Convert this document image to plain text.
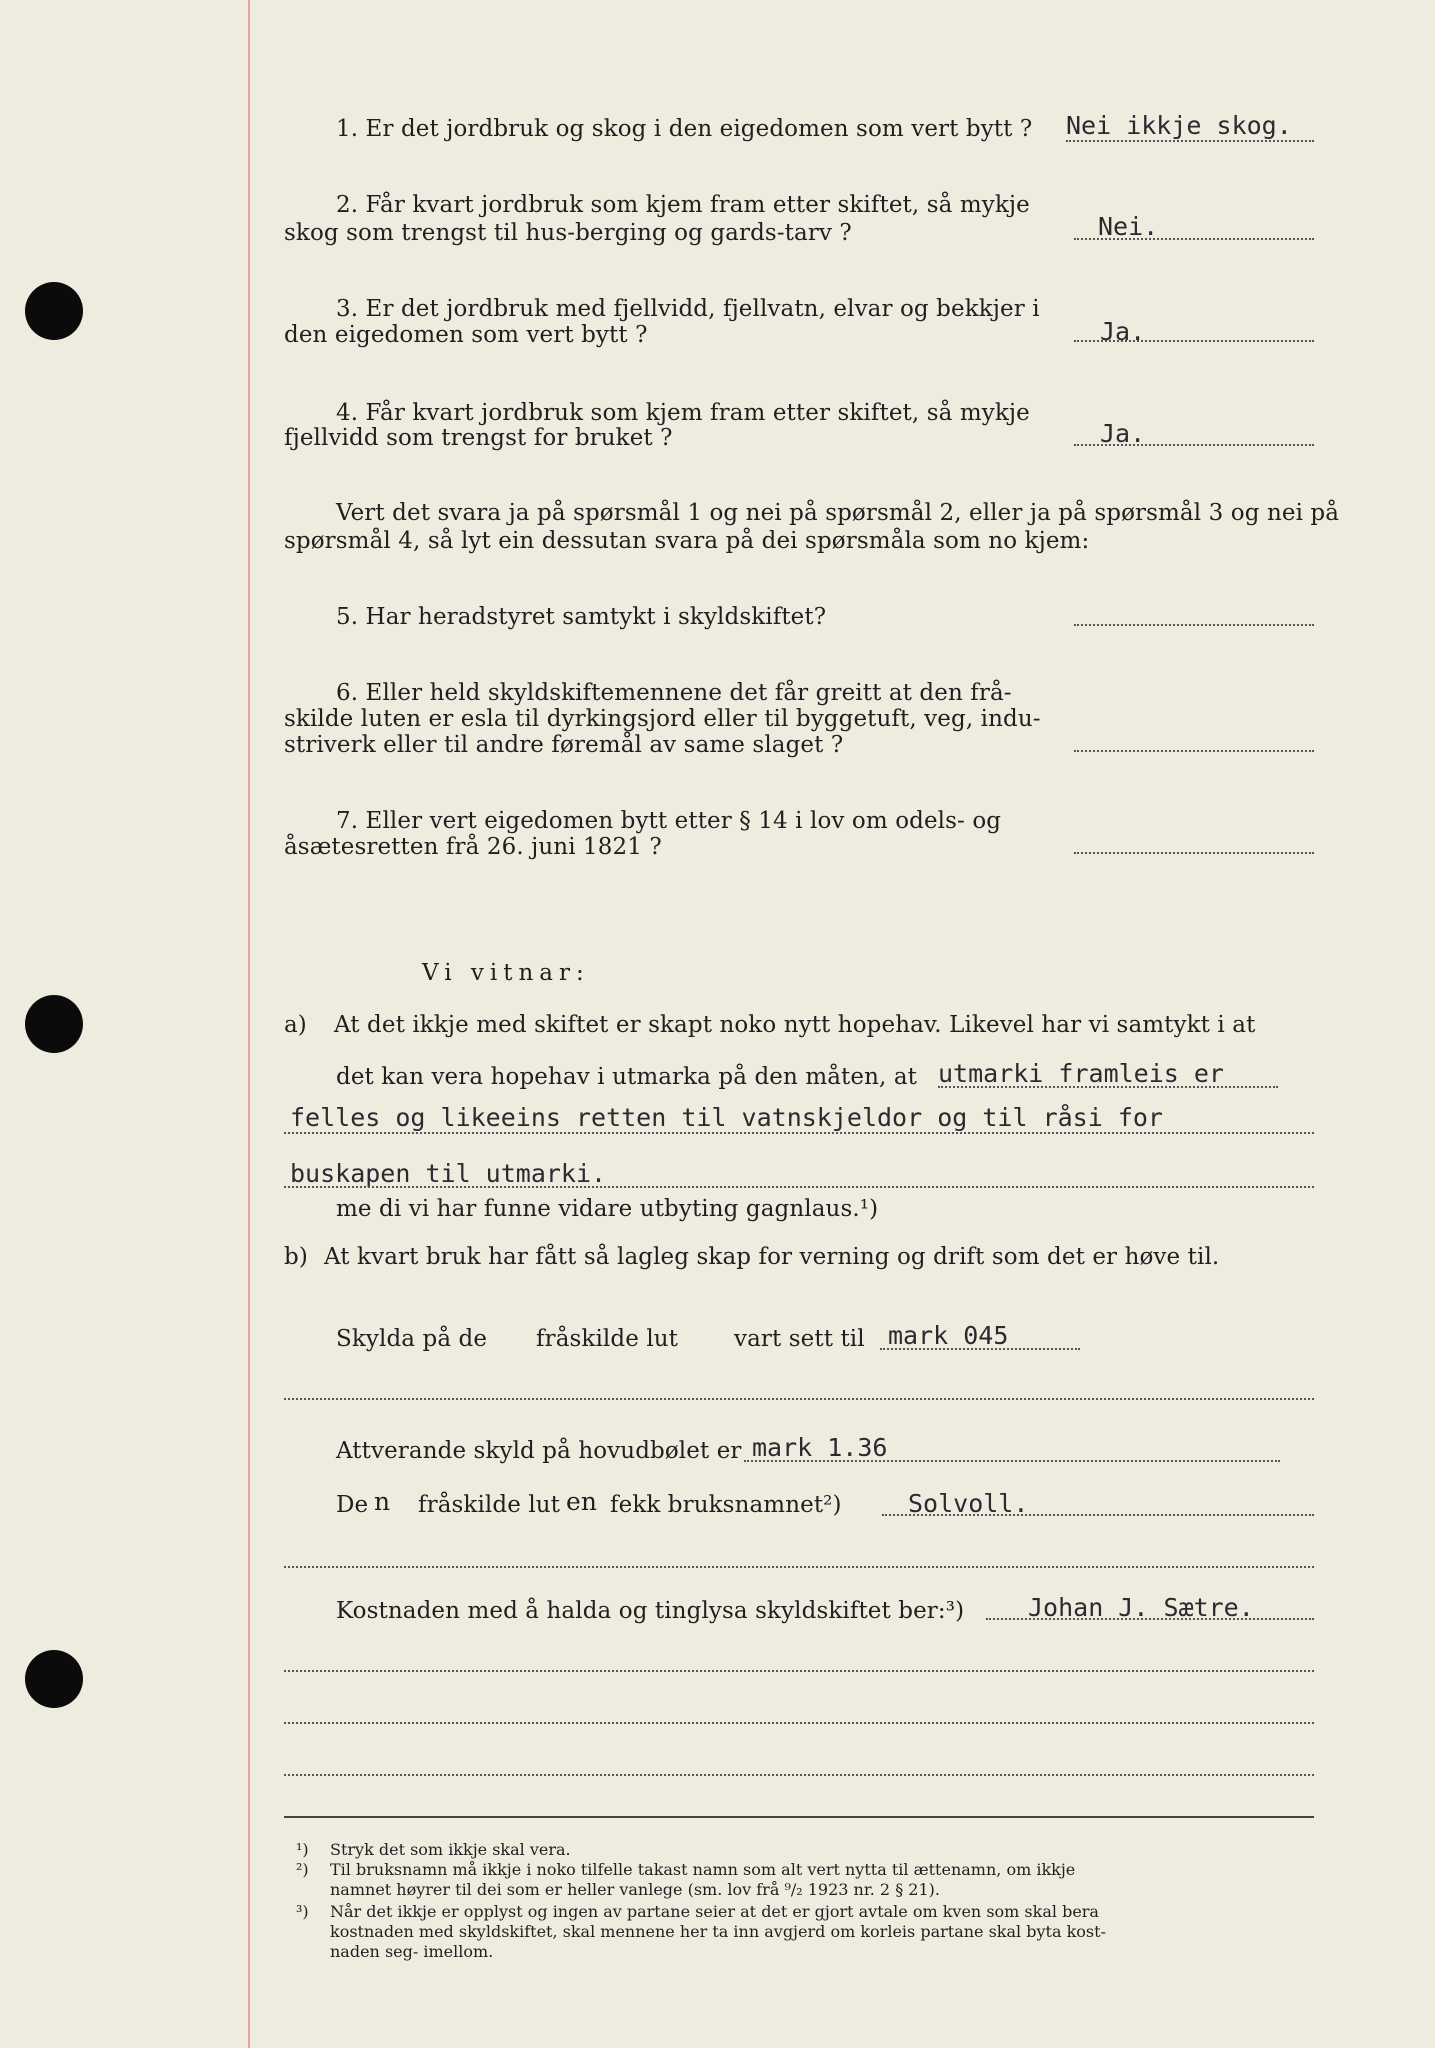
1. Er det jordbruk og skog i den eigedomen som vert bytt ? Nei ikkje skog.
2. Får kvart jordbruk som kjem fram etter skiftet, så mykje
skog som trengst til hus-berging og gards-tarv ?	Nei.
3. Er det jordbruk med fjellvidd, fjellvatn, elvar og bekkjer i
den eigedomen som vert bytt ?	Ja.
4. Får kvart jordbruk som kjem fram etter skiftet, så mykje
fjellvidd som trengst for bruket ?	Ja.
Vert det svara ja på spørsmål 1 og nei på spørsmål 2, eller ja på spørsmål 3 og nei på
spørsmål 4, så lyt ein dessutan svara på dei spørsmåla som no kjem:
5. Har heradstyret samtykt i skyldskiftet?
6. Eller held skyldskiftemennene det får greitt at den frå-
skilde luten er esla til dyrkingsjord eller til byggetuft, veg, indu-
striverk eller til andre føremål av same slaget ?
7. Eller vert eigedomen bytt etter § 14 i lov om odels- og
åsætesretten frå 26. juni 1821 ?
Vi vitnar:
a) At det ikkje med skiftet er skapt noko nytt hopehav. Likevel har vi samtykt i at
det kan vera hopehav i utmarka på den måten, at utmarki framleis er
felles og likeeins retten til vatnskjeldor og til råsi for
buskapen til utmarki.
me di vi har funne vidare utbyting gagnlaus.¹)
b) At kvart bruk har fått så lagleg skap for verning og drift som det er høve til.
Skylda på de fråskilde lut vart sett til mark 045
Attverande skyld på hovudbølet er mark 1.36
De n fråskilde lut en fekk bruksnamnet²)	Solvoll.
Kostnaden med å halda og tinglysa skyldskiftet ber:³)	Johan J. Sætre.
¹) Stryk det som ikkje skal vera.
²) Til bruksnamn må ikkje i noko tilfelle takast namn som alt vert nytta til ættenamn, om ikkje
namnet høyrer til dei som er heller vanlege (sm. lov frå ⁹/₂ 1923 nr. 2 § 21).
³) Når det ikkje er opplyst og ingen av partane seier at det er gjort avtale om kven som skal bera
kostnaden med skyldskiftet, skal mennene her ta inn avgjerd om korleis partane skal byta kost-
naden seg- imellom.
